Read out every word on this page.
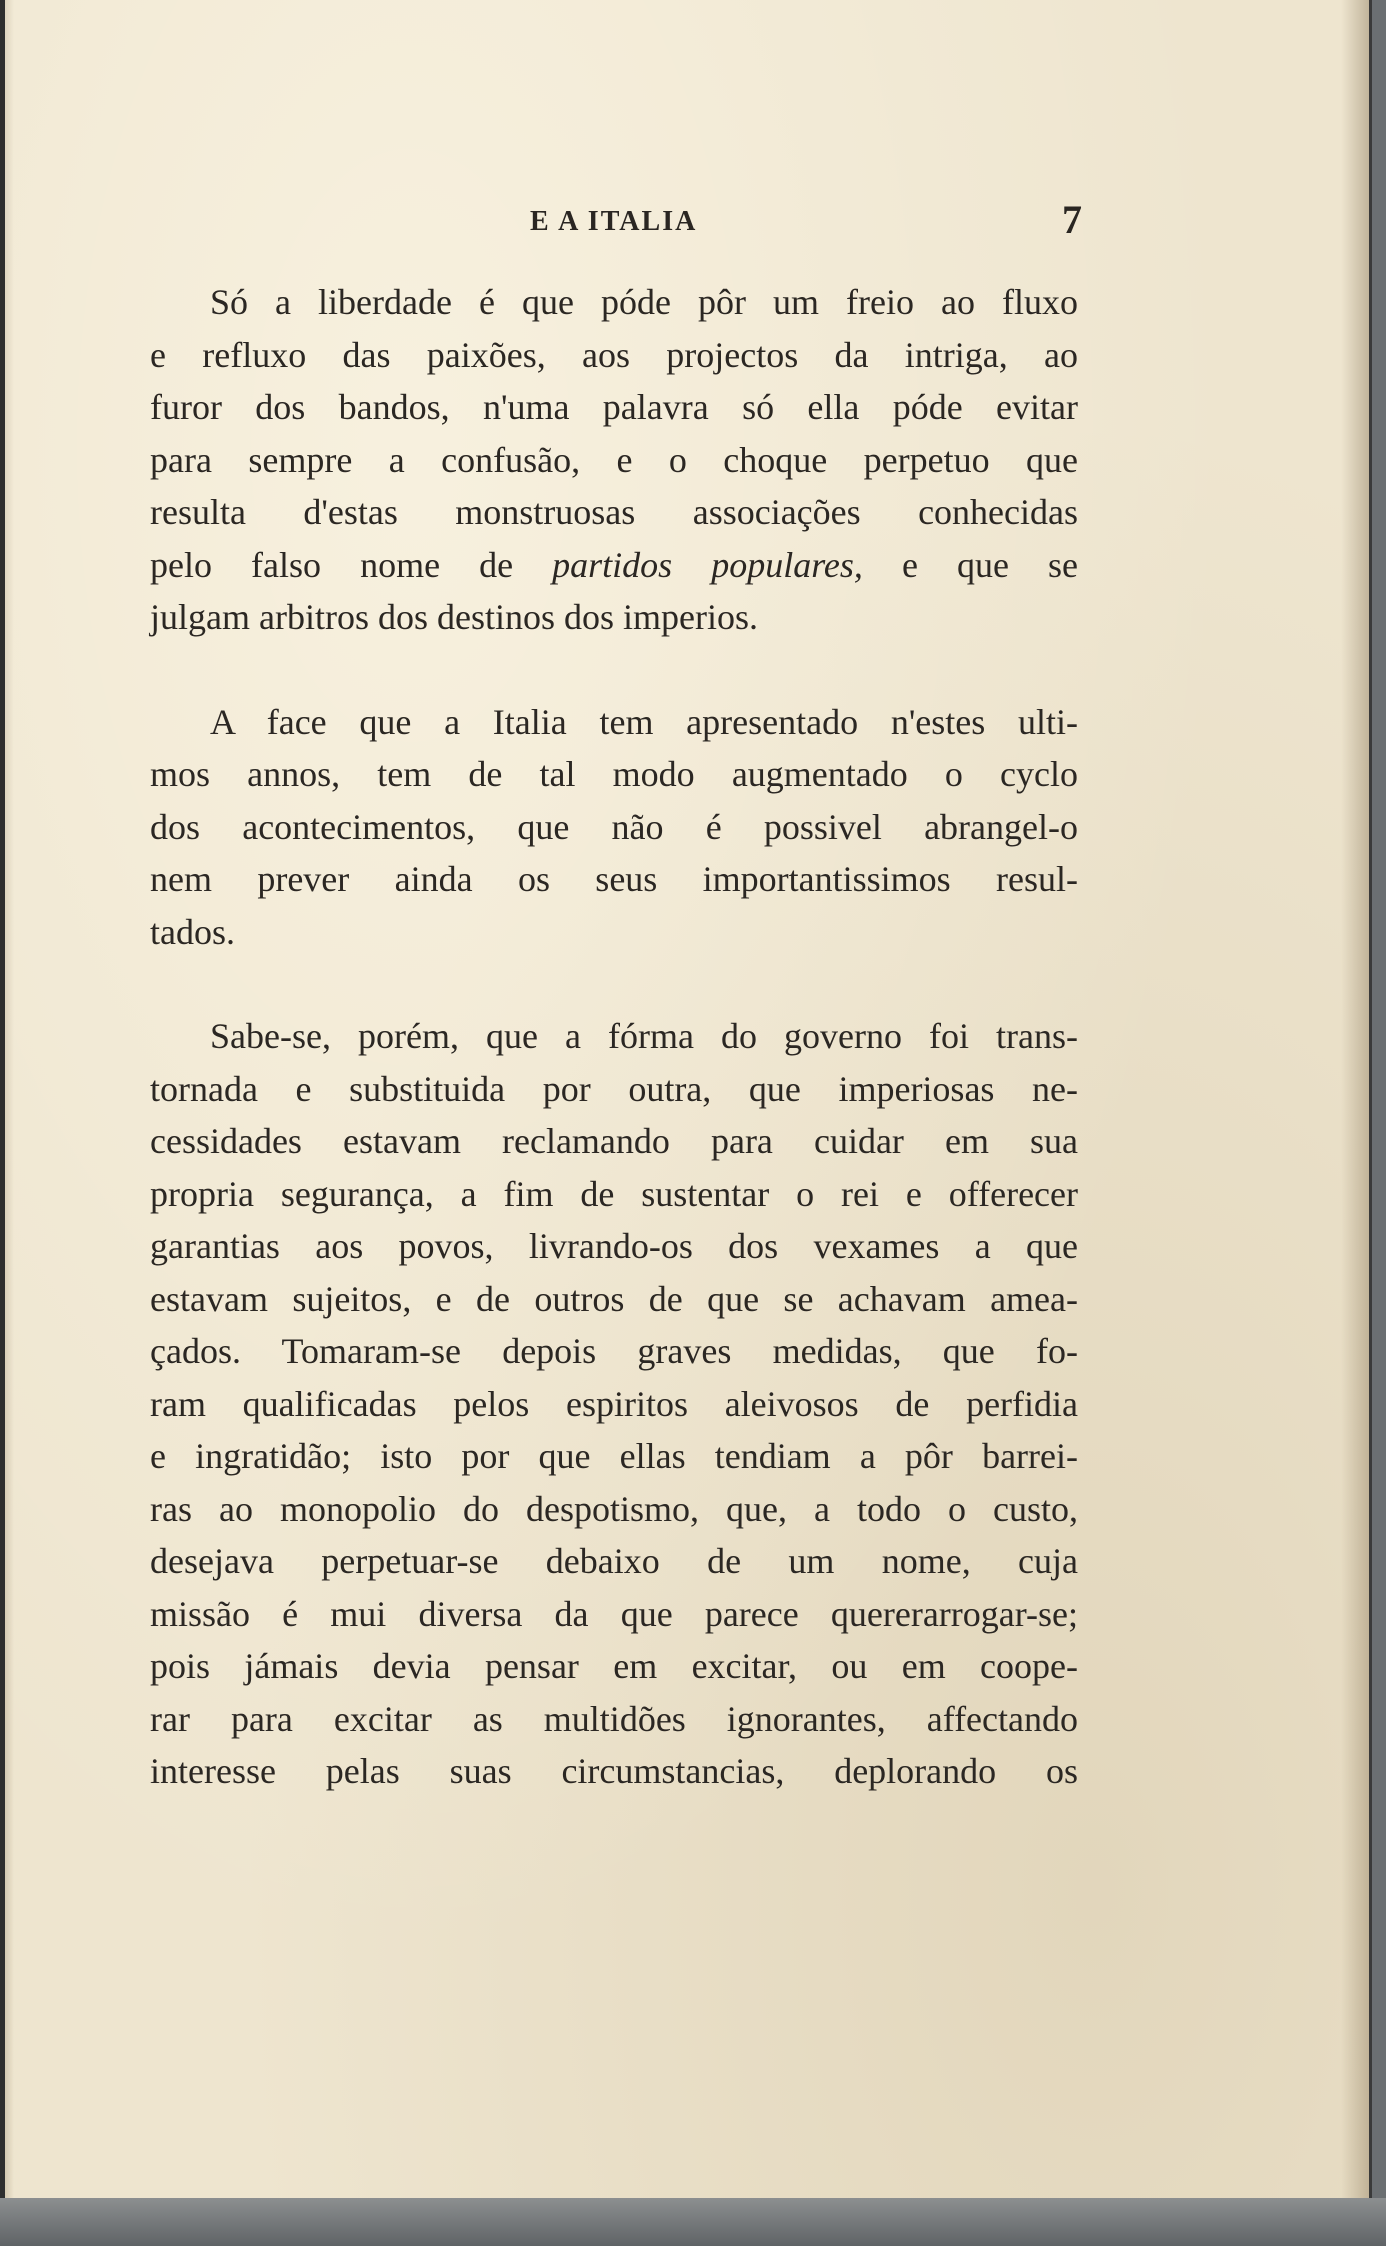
E A ITALIA	7
Só a liberdade é que póde pôr um freio ao fluxo
e refluxo das paixões, aos projectos da intriga, ao
furor dos bandos, n'uma palavra só ella póde evitar
para sempre a confusão, e o choque perpetuo que
resulta d'estas monstruosas associações conhecidas
pelo falso nome de partidos populares, e que se
julgam arbitros dos destinos dos imperios.
A face que a Italia tem apresentado n'estes ulti-
mos annos, tem de tal modo augmentado o cyclo
dos acontecimentos, que não é possivel abrangel-o
nem prever ainda os seus importantissimos resul-
tados.
Sabe-se, porém, que a fórma do governo foi trans-
tornada e substituida por outra, que imperiosas ne-
cessidades estavam reclamando para cuidar em sua
propria segurança, a fim de sustentar o rei e offerecer
garantias aos povos, livrando-os dos vexames a que
estavam sujeitos, e de outros de que se achavam amea-
çados. Tomaram-se depois graves medidas, que fo-
ram qualificadas pelos espiritos aleivosos de perfidia
e ingratidão; isto por que ellas tendiam a pôr barrei-
ras ao monopolio do despotismo, que, a todo o custo,
desejava perpetuar-se debaixo de um nome, cuja
missão é mui diversa da que parece quererarrogar-se;
pois jámais devia pensar em excitar, ou em coope-
rar para excitar as multidões ignorantes, affectando
interesse pelas suas circumstancias, deplorando os
